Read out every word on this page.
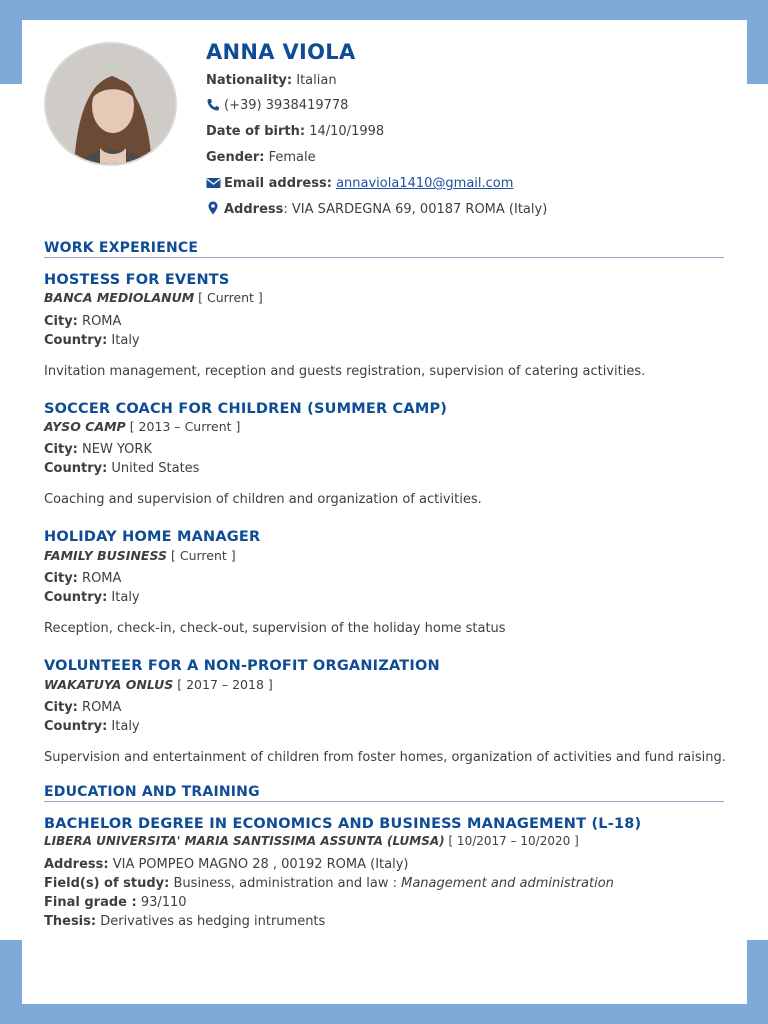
ANNA VIOLA
Nationality: Italian
(+39) 3938419778
Date of birth: 14/10/1998
Gender: Female
Email address: annaviola1410@gmail.com
Address: VIA SARDEGNA 69, 00187 ROMA (Italy)
WORK EXPERIENCE
HOSTESS FOR EVENTS
BANCA MEDIOLANUM [ Current ]
City: ROMA
Country: Italy
Invitation management, reception and guests registration, supervision of catering activities.
SOCCER COACH FOR CHILDREN (SUMMER CAMP)
AYSO CAMP [ 2013 – Current ]
City: NEW YORK
Country: United States
Coaching and supervision of children and organization of activities.
HOLIDAY HOME MANAGER
FAMILY BUSINESS [ Current ]
City: ROMA
Country: Italy
Reception, check-in, check-out, supervision of the holiday home status
VOLUNTEER FOR A NON-PROFIT ORGANIZATION
WAKATUYA ONLUS [ 2017 – 2018 ]
City: ROMA
Country: Italy
Supervision and entertainment of children from foster homes, organization of activities and fund raising.
EDUCATION AND TRAINING
BACHELOR DEGREE IN ECONOMICS AND BUSINESS MANAGEMENT (L-18)
LIBERA UNIVERSITA' MARIA SANTISSIMA ASSUNTA (LUMSA) [ 10/2017 – 10/2020 ]
Address: VIA POMPEO MAGNO 28 , 00192 ROMA (Italy)
Field(s) of study: Business, administration and law : Management and administration
Final grade : 93/110
Thesis: Derivatives as hedging intruments
